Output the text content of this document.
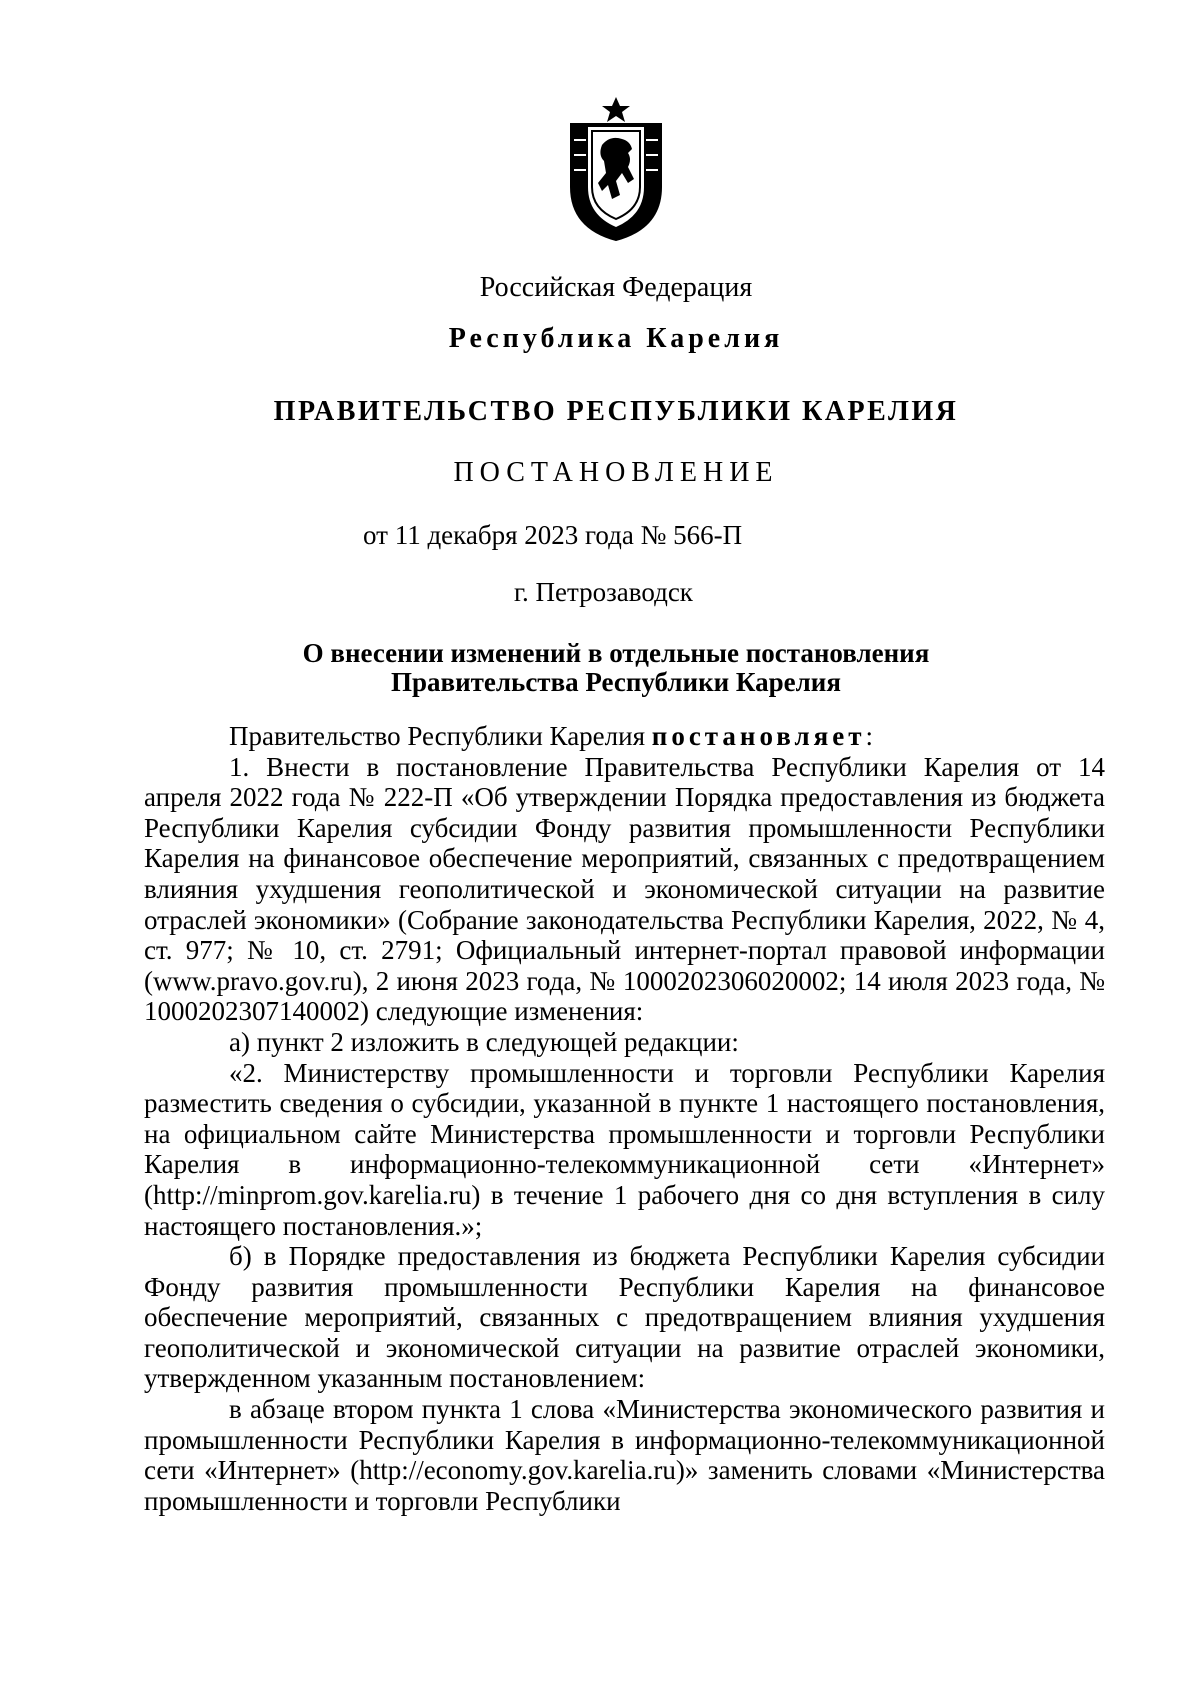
Российская Федерация
Республика Карелия
ПРАВИТЕЛЬСТВО РЕСПУБЛИКИ КАРЕЛИЯ
ПОСТАНОВЛЕНИЕ
от 11 декабря 2023 года № 566-П
г. Петрозаводск
О внесении изменений в отдельные постановления
Правительства Республики Карелия

Правительство Республики Карелия постановляет:

1. Внести в постановление Правительства Республики Карелия от 14 апреля 2022 года № 222-П «Об утверждении Порядка предоставления из бюджета Республики Карелия субсидии Фонду развития промышленности Республики Карелия на финансовое обеспечение мероприятий, связанных с предотвращением влияния ухудшения геополитической и экономической ситуации на развитие отраслей экономики» (Собрание законодательства Республики Карелия, 2022, № 4, ст. 977; № 10, ст. 2791; Официальный интернет-портал правовой информации (www.pravo.gov.ru), 2 июня 2023 года, № 1000202306020002; 14 июля 2023 года, № 1000202307140002) следующие изменения:

а) пункт 2 изложить в следующей редакции:

«2. Министерству промышленности и торговли Республики Карелия разместить сведения о субсидии, указанной в пункте 1 настоящего постановления, на официальном сайте Министерства промышленности и торговли Республики Карелия в информационно-телекоммуникационной сети «Интернет» (http://minprom.gov.karelia.ru) в течение 1 рабочего дня со дня вступления в силу настоящего постановления.»;

б) в Порядке предоставления из бюджета Республики Карелия субсидии Фонду развития промышленности Республики Карелия на финансовое обеспечение мероприятий, связанных с предотвращением влияния ухудшения геополитической и экономической ситуации на развитие отраслей экономики, утвержденном указанным постановлением:

в абзаце втором пункта 1 слова «Министерства экономического развития и промышленности Республики Карелия в информационно-телекоммуникационной сети «Интернет» (http://economy.gov.karelia.ru)» заменить словами «Министерства промышленности и торговли Республики
